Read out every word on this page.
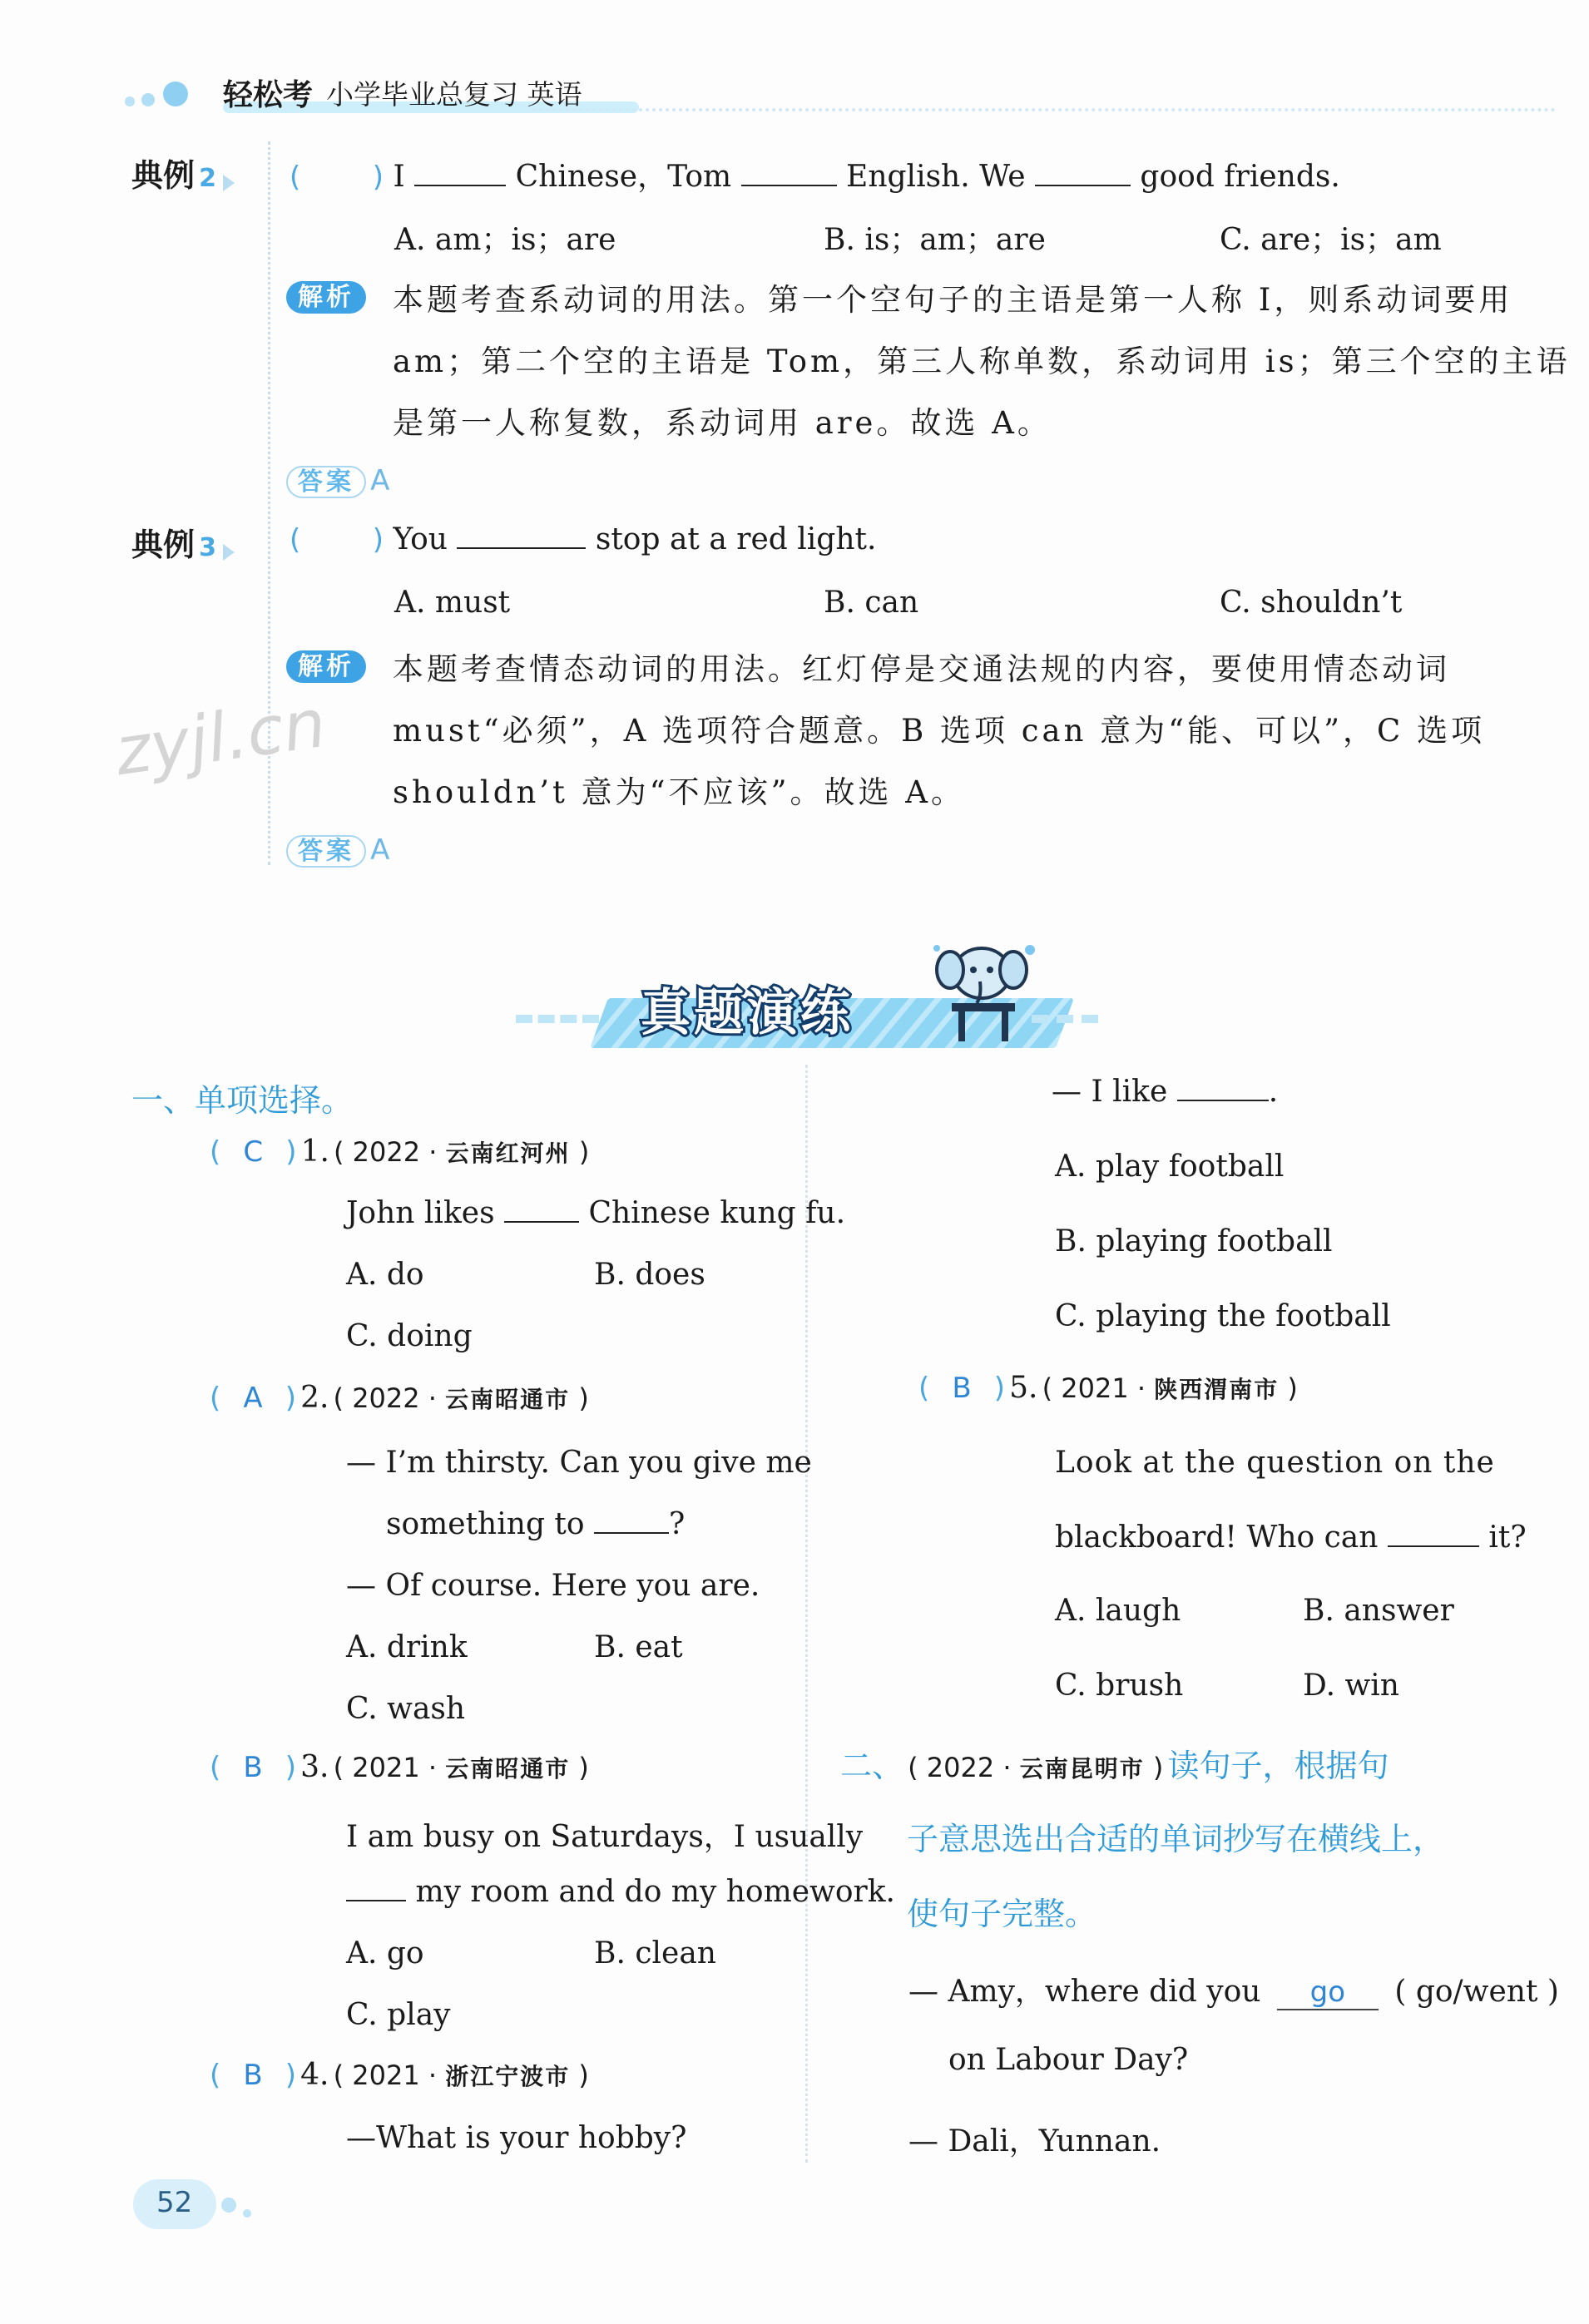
轻松考 小学毕业总复习 英语
zyjl.cn
典例 2	(        ) I	Chinese，Tom	English. We	good friends.
A. am；is；are	B. is；am；are	C. are；is；am
解析	本题考查系动词的用法。第一个空句子的主语是第一人称 I，则系动词要用
am；第二个空的主语是 Tom，第三人称单数，系动词用 is；第三个空的主语
是第一人称复数，系动词用 are。故选 A。
答案 A
典例 3	(        ) You	stop at a red light.
A. must	B. can	C. shouldn’t
解析	本题考查情态动词的用法。红灯停是交通法规的内容，要使用情态动词
must“必须”，A 选项符合题意。B 选项 can 意为“能、可以”，C 选项
shouldn’t 意为“不应该”。故选 A。
答案 A
真题演练
一、单项选择。
( C ) 1. ( 2022 · 云南红河州 )
John likes	Chinese kung fu.
A. do	B. does
C. doing
( A ) 2. ( 2022 · 云南昭通市 )
— I’m thirsty. Can you give me
something to	?
— Of course. Here you are.
A. drink	B. eat
C. wash
( B ) 3. ( 2021 · 云南昭通市 )
I am busy on Saturdays，I usually
my room and do my homework.
A. go	B. clean
C. play
( B ) 4. ( 2021 · 浙江宁波市 )
—What is your hobby?
— I like	.
A. play football
B. playing football
C. playing the football
( B ) 5. ( 2021 · 陕西渭南市 )
Look at the question on the
blackboard! Who can	it?
A. laugh	B. answer
C. brush	D. win
二、 ( 2022 · 云南昆明市 ) 读句子，根据句
子意思选出合适的单词抄写在横线上，
使句子完整。
— Amy，where did you go ( go/went )
on Labour Day?
— Dali，Yunnan.
52
